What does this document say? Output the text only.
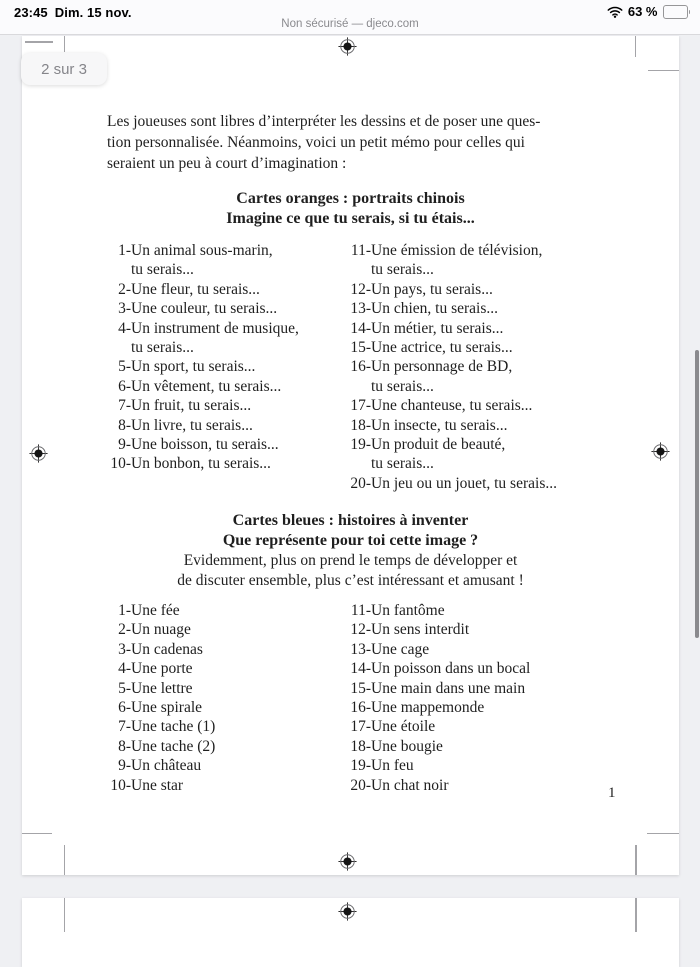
23:45 Dim. 15 nov.	63 %
Non sécurisé — djeco.com
2 sur 3
Les joueuses sont libres d’interpréter les dessins et de poser une ques-
tion personnalisée. Néanmoins, voici un petit mémo pour celles qui
seraient un peu à court d’imagination :
Cartes oranges : portraits chinois
Imagine ce que tu serais, si tu étais...
1- Un animal sous-marin,
tu serais...
2- Une fleur, tu serais...
3- Une couleur, tu serais...
4- Un instrument de musique,
tu serais...
5- Un sport, tu serais...
6- Un vêtement, tu serais...
7- Un fruit, tu serais...
8- Un livre, tu serais...
9- Une boisson, tu serais...
10- Un bonbon, tu serais...
11- Une émission de télévision,
tu serais...
12- Un pays, tu serais...
13- Un chien, tu serais...
14- Un métier, tu serais...
15- Une actrice, tu serais...
16- Un personnage de BD,
tu serais...
17- Une chanteuse, tu serais...
18- Un insecte, tu serais...
19- Un produit de beauté,
tu serais...
20- Un jeu ou un jouet, tu serais...
Cartes bleues : histoires à inventer
Que représente pour toi cette image ?
Evidemment, plus on prend le temps de développer et
de discuter ensemble, plus c’est intéressant et amusant !
1- Une fée
2- Un nuage
3- Un cadenas
4- Une porte
5- Une lettre
6- Une spirale
7- Une tache (1)
8- Une tache (2)
9- Un château
10- Une star
11- Un fantôme
12- Un sens interdit
13- Une cage
14- Un poisson dans un bocal
15- Une main dans une main
16- Une mappemonde
17- Une étoile
18- Une bougie
19- Un feu
20- Un chat noir	1
